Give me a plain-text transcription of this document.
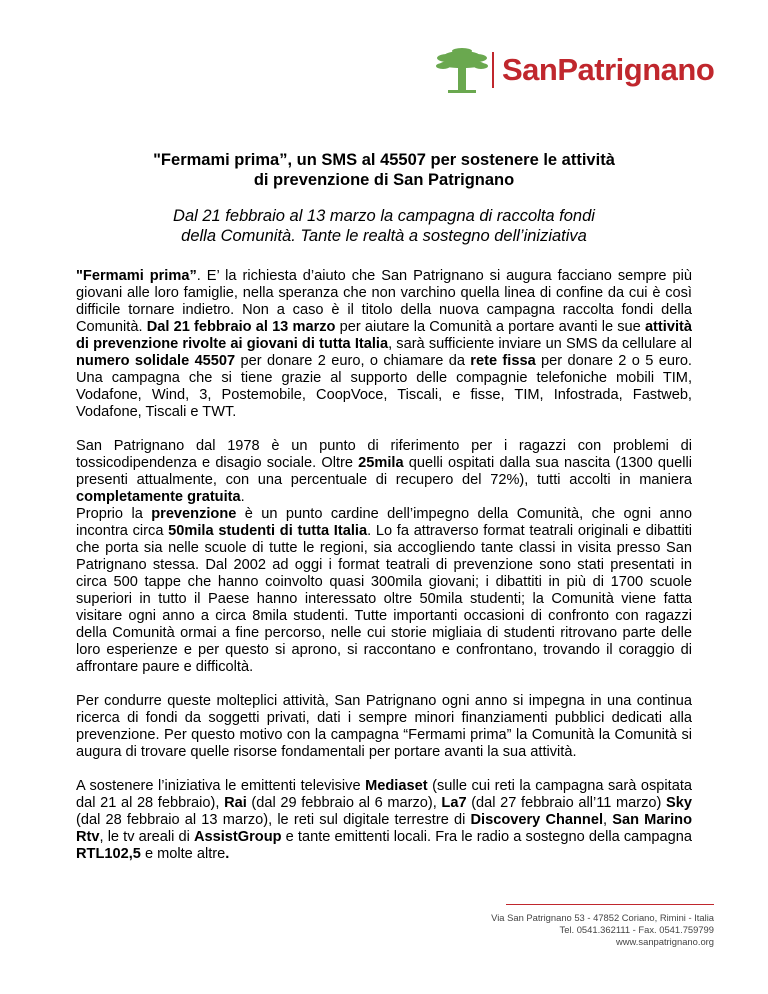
SanPatrignano
"Fermami prima”, un SMS al 45507 per sostenere le attività
di prevenzione di San Patrignano
Dal 21 febbraio al 13 marzo la campagna di raccolta fondi
della Comunità. Tante le realtà a sostegno dell’iniziativa

"Fermami prima”. E’ la richiesta d’aiuto che San Patrignano si augura facciano sempre più giovani alle loro famiglie, nella speranza che non varchino quella linea di confine da cui è così difficile tornare indietro. Non a caso è il titolo della nuova campagna raccolta fondi della Comunità. Dal 21 febbraio al 13 marzo per aiutare la Comunità a portare avanti le sue attività di prevenzione rivolte ai giovani di tutta Italia, sarà sufficiente inviare un SMS da cellulare al numero solidale 45507 per donare 2 euro, o chiamare da rete fissa per donare 2 o 5 euro. Una campagna che si tiene grazie al supporto delle compagnie telefoniche mobili TIM, Vodafone, Wind, 3, Postemobile, CoopVoce, Tiscali, e fisse, TIM, Infostrada, Fastweb, Vodafone, Tiscali e TWT.

San Patrignano dal 1978 è un punto di riferimento per i ragazzi con problemi di tossicodipendenza e disagio sociale. Oltre 25mila quelli ospitati dalla sua nascita (1300 quelli presenti attualmente, con una percentuale di recupero del 72%), tutti accolti in maniera completamente gratuita.

Proprio la prevenzione è un punto cardine dell’impegno della Comunità, che ogni anno incontra circa 50mila studenti di tutta Italia. Lo fa attraverso format teatrali originali e dibattiti che porta sia nelle scuole di tutte le regioni, sia accogliendo tante classi in visita presso San Patrignano stessa. Dal 2002 ad oggi i format teatrali di prevenzione sono stati presentati in circa 500 tappe che hanno coinvolto quasi 300mila giovani; i dibattiti in più di 1700 scuole superiori in tutto il Paese hanno interessato oltre 50mila studenti; la Comunità viene fatta visitare ogni anno a circa 8mila studenti. Tutte importanti occasioni di confronto con ragazzi della Comunità ormai a fine percorso, nelle cui storie migliaia di studenti ritrovano parte delle loro esperienze e per questo si aprono, si raccontano e confrontano, trovando il coraggio di affrontare paure e difficoltà.

Per condurre queste molteplici attività, San Patrignano ogni anno si impegna in una continua ricerca di fondi da soggetti privati, dati i sempre minori finanziamenti pubblici dedicati alla prevenzione. Per questo motivo con la campagna “Fermami prima” la Comunità la Comunità si augura di trovare quelle risorse fondamentali per portare avanti la sua attività.

A sostenere l’iniziativa le emittenti televisive Mediaset (sulle cui reti la campagna sarà ospitata dal 21 al 28 febbraio), Rai (dal 29 febbraio al 6 marzo), La7 (dal 27 febbraio all’11 marzo) Sky (dal 28 febbraio al 13 marzo), le reti sul digitale terrestre di Discovery Channel, San Marino Rtv, le tv areali di AssistGroup e tante emittenti locali. Fra le radio a sostegno della campagna RTL102,5 e molte altre.

Via San Patrignano 53 - 47852 Coriano, Rimini - Italia
Tel. 0541.362111 - Fax. 0541.759799
www.sanpatrignano.org
